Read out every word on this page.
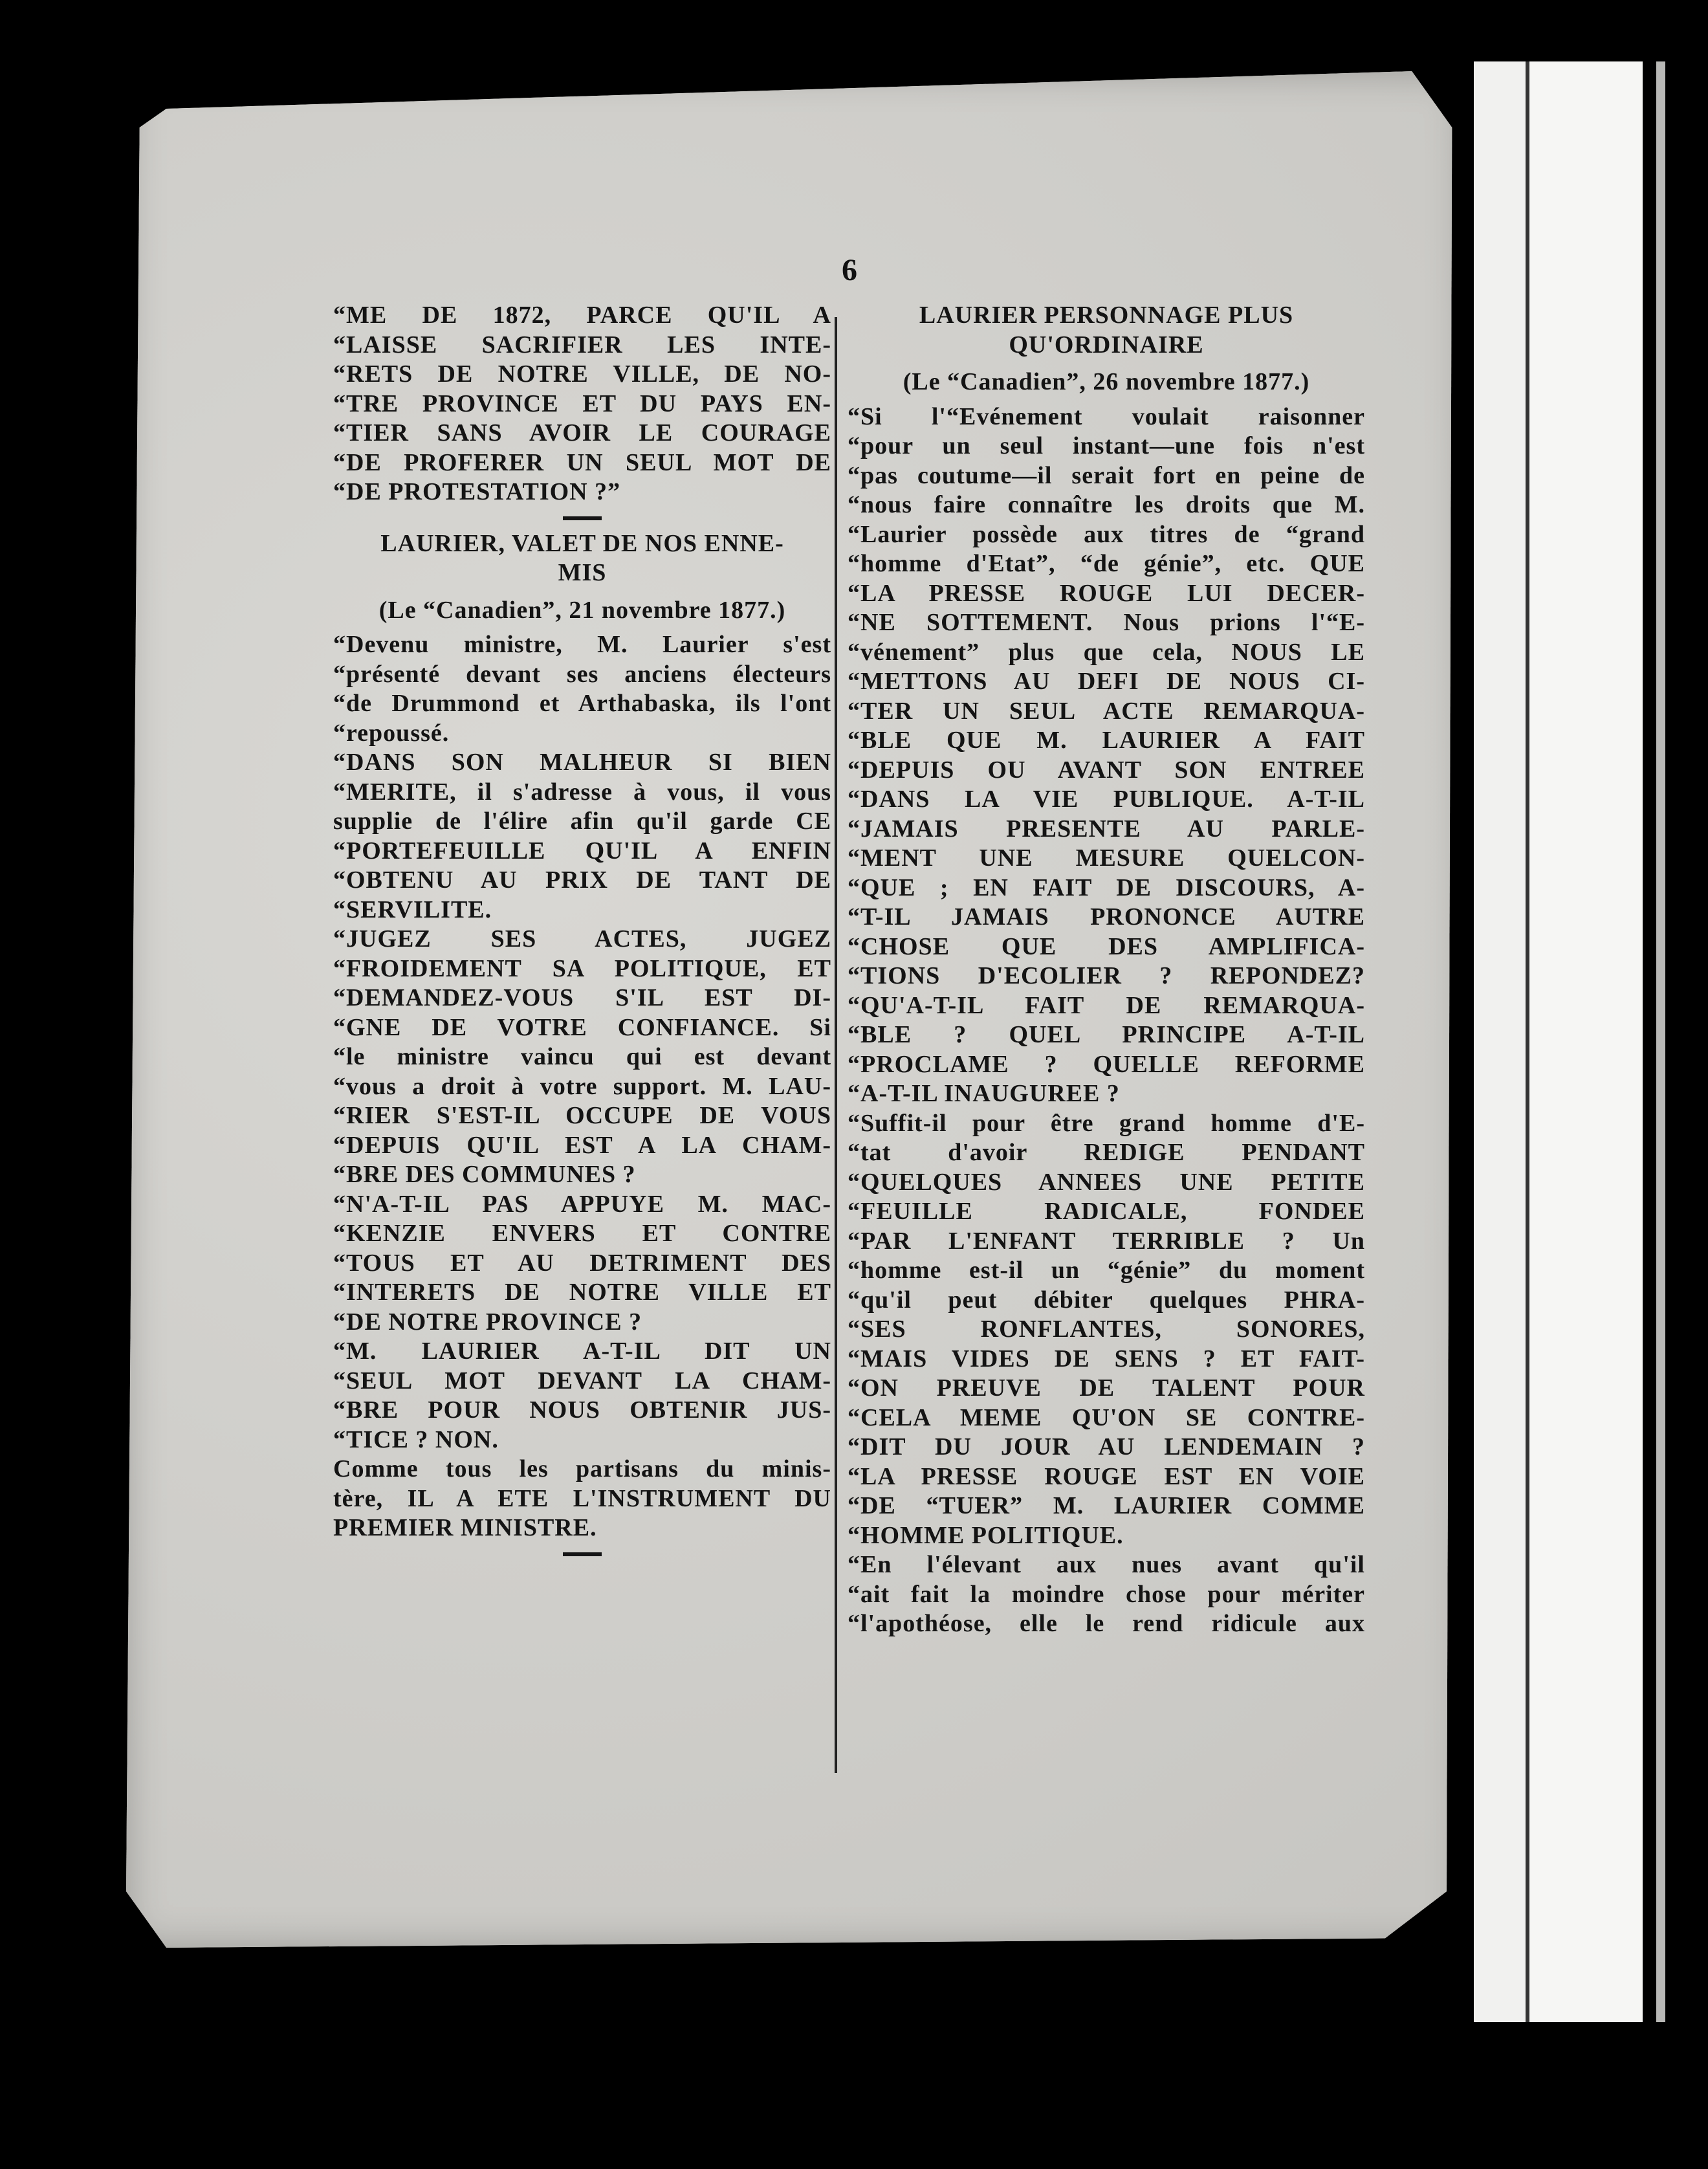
6
“ME DE 1872, PARCE QU'IL A
“LAISSE SACRIFIER LES INTE-
“RETS DE NOTRE VILLE, DE NO-
“TRE PROVINCE ET DU PAYS EN-
“TIER SANS AVOIR LE COURAGE
“DE PROFERER UN SEUL MOT DE
“DE PROTESTATION ?”
LAURIER, VALET DE NOS ENNE-
MIS
(Le “Canadien”, 21 novembre 1877.)
“Devenu ministre, M. Laurier s'est
“présenté devant ses anciens électeurs
“de Drummond et Arthabaska, ils l'ont
“repoussé.
“DANS SON MALHEUR SI BIEN
“MERITE, il s'adresse à vous, il vous
supplie de l'élire afin qu'il garde CE
“PORTEFEUILLE QU'IL A ENFIN
“OBTENU AU PRIX DE TANT DE
“SERVILITE.
“JUGEZ SES ACTES, JUGEZ
“FROIDEMENT SA POLITIQUE, ET
“DEMANDEZ-VOUS S'IL EST DI-
“GNE DE VOTRE CONFIANCE. Si
“le ministre vaincu qui est devant
“vous a droit à votre support. M. LAU-
“RIER S'EST-IL OCCUPE DE VOUS
“DEPUIS QU'IL EST A LA CHAM-
“BRE DES COMMUNES ?
“N'A-T-IL PAS APPUYE M. MAC-
“KENZIE ENVERS ET CONTRE
“TOUS ET AU DETRIMENT DES
“INTERETS DE NOTRE VILLE ET
“DE NOTRE PROVINCE ?
“M. LAURIER A-T-IL DIT UN
“SEUL MOT DEVANT LA CHAM-
“BRE POUR NOUS OBTENIR JUS-
“TICE ? NON.
Comme tous les partisans du minis-
tère, IL A ETE L'INSTRUMENT DU
PREMIER MINISTRE.
LAURIER PERSONNAGE PLUS
QU'ORDINAIRE
(Le “Canadien”, 26 novembre 1877.)
“Si l'“Evénement voulait raisonner
“pour un seul instant—une fois n'est
“pas coutume—il serait fort en peine de
“nous faire connaître les droits que M.
“Laurier possède aux titres de “grand
“homme d'Etat”, “de génie”, etc. QUE
“LA PRESSE ROUGE LUI DECER-
“NE SOTTEMENT. Nous prions l'“E-
“vénement” plus que cela, NOUS LE
“METTONS AU DEFI DE NOUS CI-
“TER UN SEUL ACTE REMARQUA-
“BLE QUE M. LAURIER A FAIT
“DEPUIS OU AVANT SON ENTREE
“DANS LA VIE PUBLIQUE. A-T-IL
“JAMAIS PRESENTE AU PARLE-
“MENT UNE MESURE QUELCON-
“QUE ; EN FAIT DE DISCOURS, A-
“T-IL JAMAIS PRONONCE AUTRE
“CHOSE QUE DES AMPLIFICA-
“TIONS D'ECOLIER ? REPONDEZ?
“QU'A-T-IL FAIT DE REMARQUA-
“BLE ? QUEL PRINCIPE A-T-IL
“PROCLAME ? QUELLE REFORME
“A-T-IL INAUGUREE ?
“Suffit-il pour être grand homme d'E-
“tat d'avoir REDIGE PENDANT
“QUELQUES ANNEES UNE PETITE
“FEUILLE RADICALE, FONDEE
“PAR L'ENFANT TERRIBLE ? Un
“homme est-il un “génie” du moment
“qu'il peut débiter quelques PHRA-
“SES RONFLANTES, SONORES,
“MAIS VIDES DE SENS ? ET FAIT-
“ON PREUVE DE TALENT POUR
“CELA MEME QU'ON SE CONTRE-
“DIT DU JOUR AU LENDEMAIN ?
“LA PRESSE ROUGE EST EN VOIE
“DE “TUER” M. LAURIER COMME
“HOMME POLITIQUE.
“En l'élevant aux nues avant qu'il
“ait fait la moindre chose pour mériter
“l'apothéose, elle le rend ridicule aux
